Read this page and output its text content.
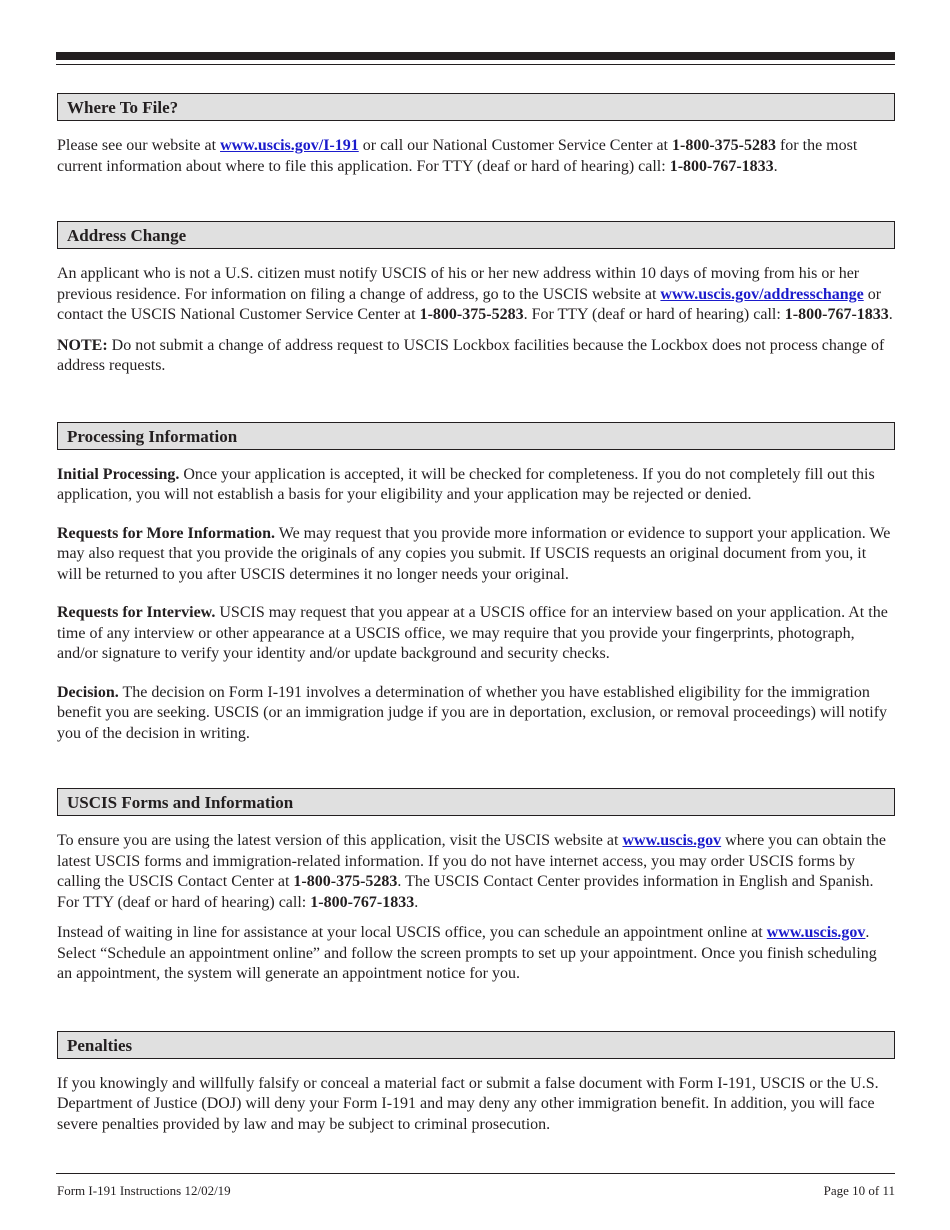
Where To File?

Please see our website at www.uscis.gov/I-191 or call our National Customer Service Center at 1-800-375-5283 for the most current information about where to file this application. For TTY (deaf or hard of hearing) call: 1-800-767-1833.

Address Change

An applicant who is not a U.S. citizen must notify USCIS of his or her new address within 10 days of moving from his or her previous residence. For information on filing a change of address, go to the USCIS website at www.uscis.gov/addresschange or contact the USCIS National Customer Service Center at 1-800-375-5283. For TTY (deaf or hard of hearing) call: 1-800-767-1833.

NOTE: Do not submit a change of address request to USCIS Lockbox facilities because the Lockbox does not process change of address requests.

Processing Information

Initial Processing. Once your application is accepted, it will be checked for completeness. If you do not completely fill out this application, you will not establish a basis for your eligibility and your application may be rejected or denied.

Requests for More Information. We may request that you provide more information or evidence to support your application. We may also request that you provide the originals of any copies you submit. If USCIS requests an original document from you, it will be returned to you after USCIS determines it no longer needs your original.

Requests for Interview. USCIS may request that you appear at a USCIS office for an interview based on your application. At the time of any interview or other appearance at a USCIS office, we may require that you provide your fingerprints, photograph, and/or signature to verify your identity and/or update background and security checks.

Decision. The decision on Form I-191 involves a determination of whether you have established eligibility for the immigration benefit you are seeking. USCIS (or an immigration judge if you are in deportation, exclusion, or removal proceedings) will notify you of the decision in writing.

USCIS Forms and Information

To ensure you are using the latest version of this application, visit the USCIS website at www.uscis.gov where you can obtain the latest USCIS forms and immigration-related information. If you do not have internet access, you may order USCIS forms by calling the USCIS Contact Center at 1-800-375-5283. The USCIS Contact Center provides information in English and Spanish. For TTY (deaf or hard of hearing) call: 1-800-767-1833.

Instead of waiting in line for assistance at your local USCIS office, you can schedule an appointment online at www.uscis.gov. Select “Schedule an appointment online” and follow the screen prompts to set up your appointment. Once you finish scheduling an appointment, the system will generate an appointment notice for you.

Penalties

If you knowingly and willfully falsify or conceal a material fact or submit a false document with Form I-191, USCIS or the U.S. Department of Justice (DOJ) will deny your Form I-191 and may deny any other immigration benefit. In addition, you will face severe penalties provided by law and may be subject to criminal prosecution.

Form I-191 Instructions 12/02/19	Page 10 of 11
